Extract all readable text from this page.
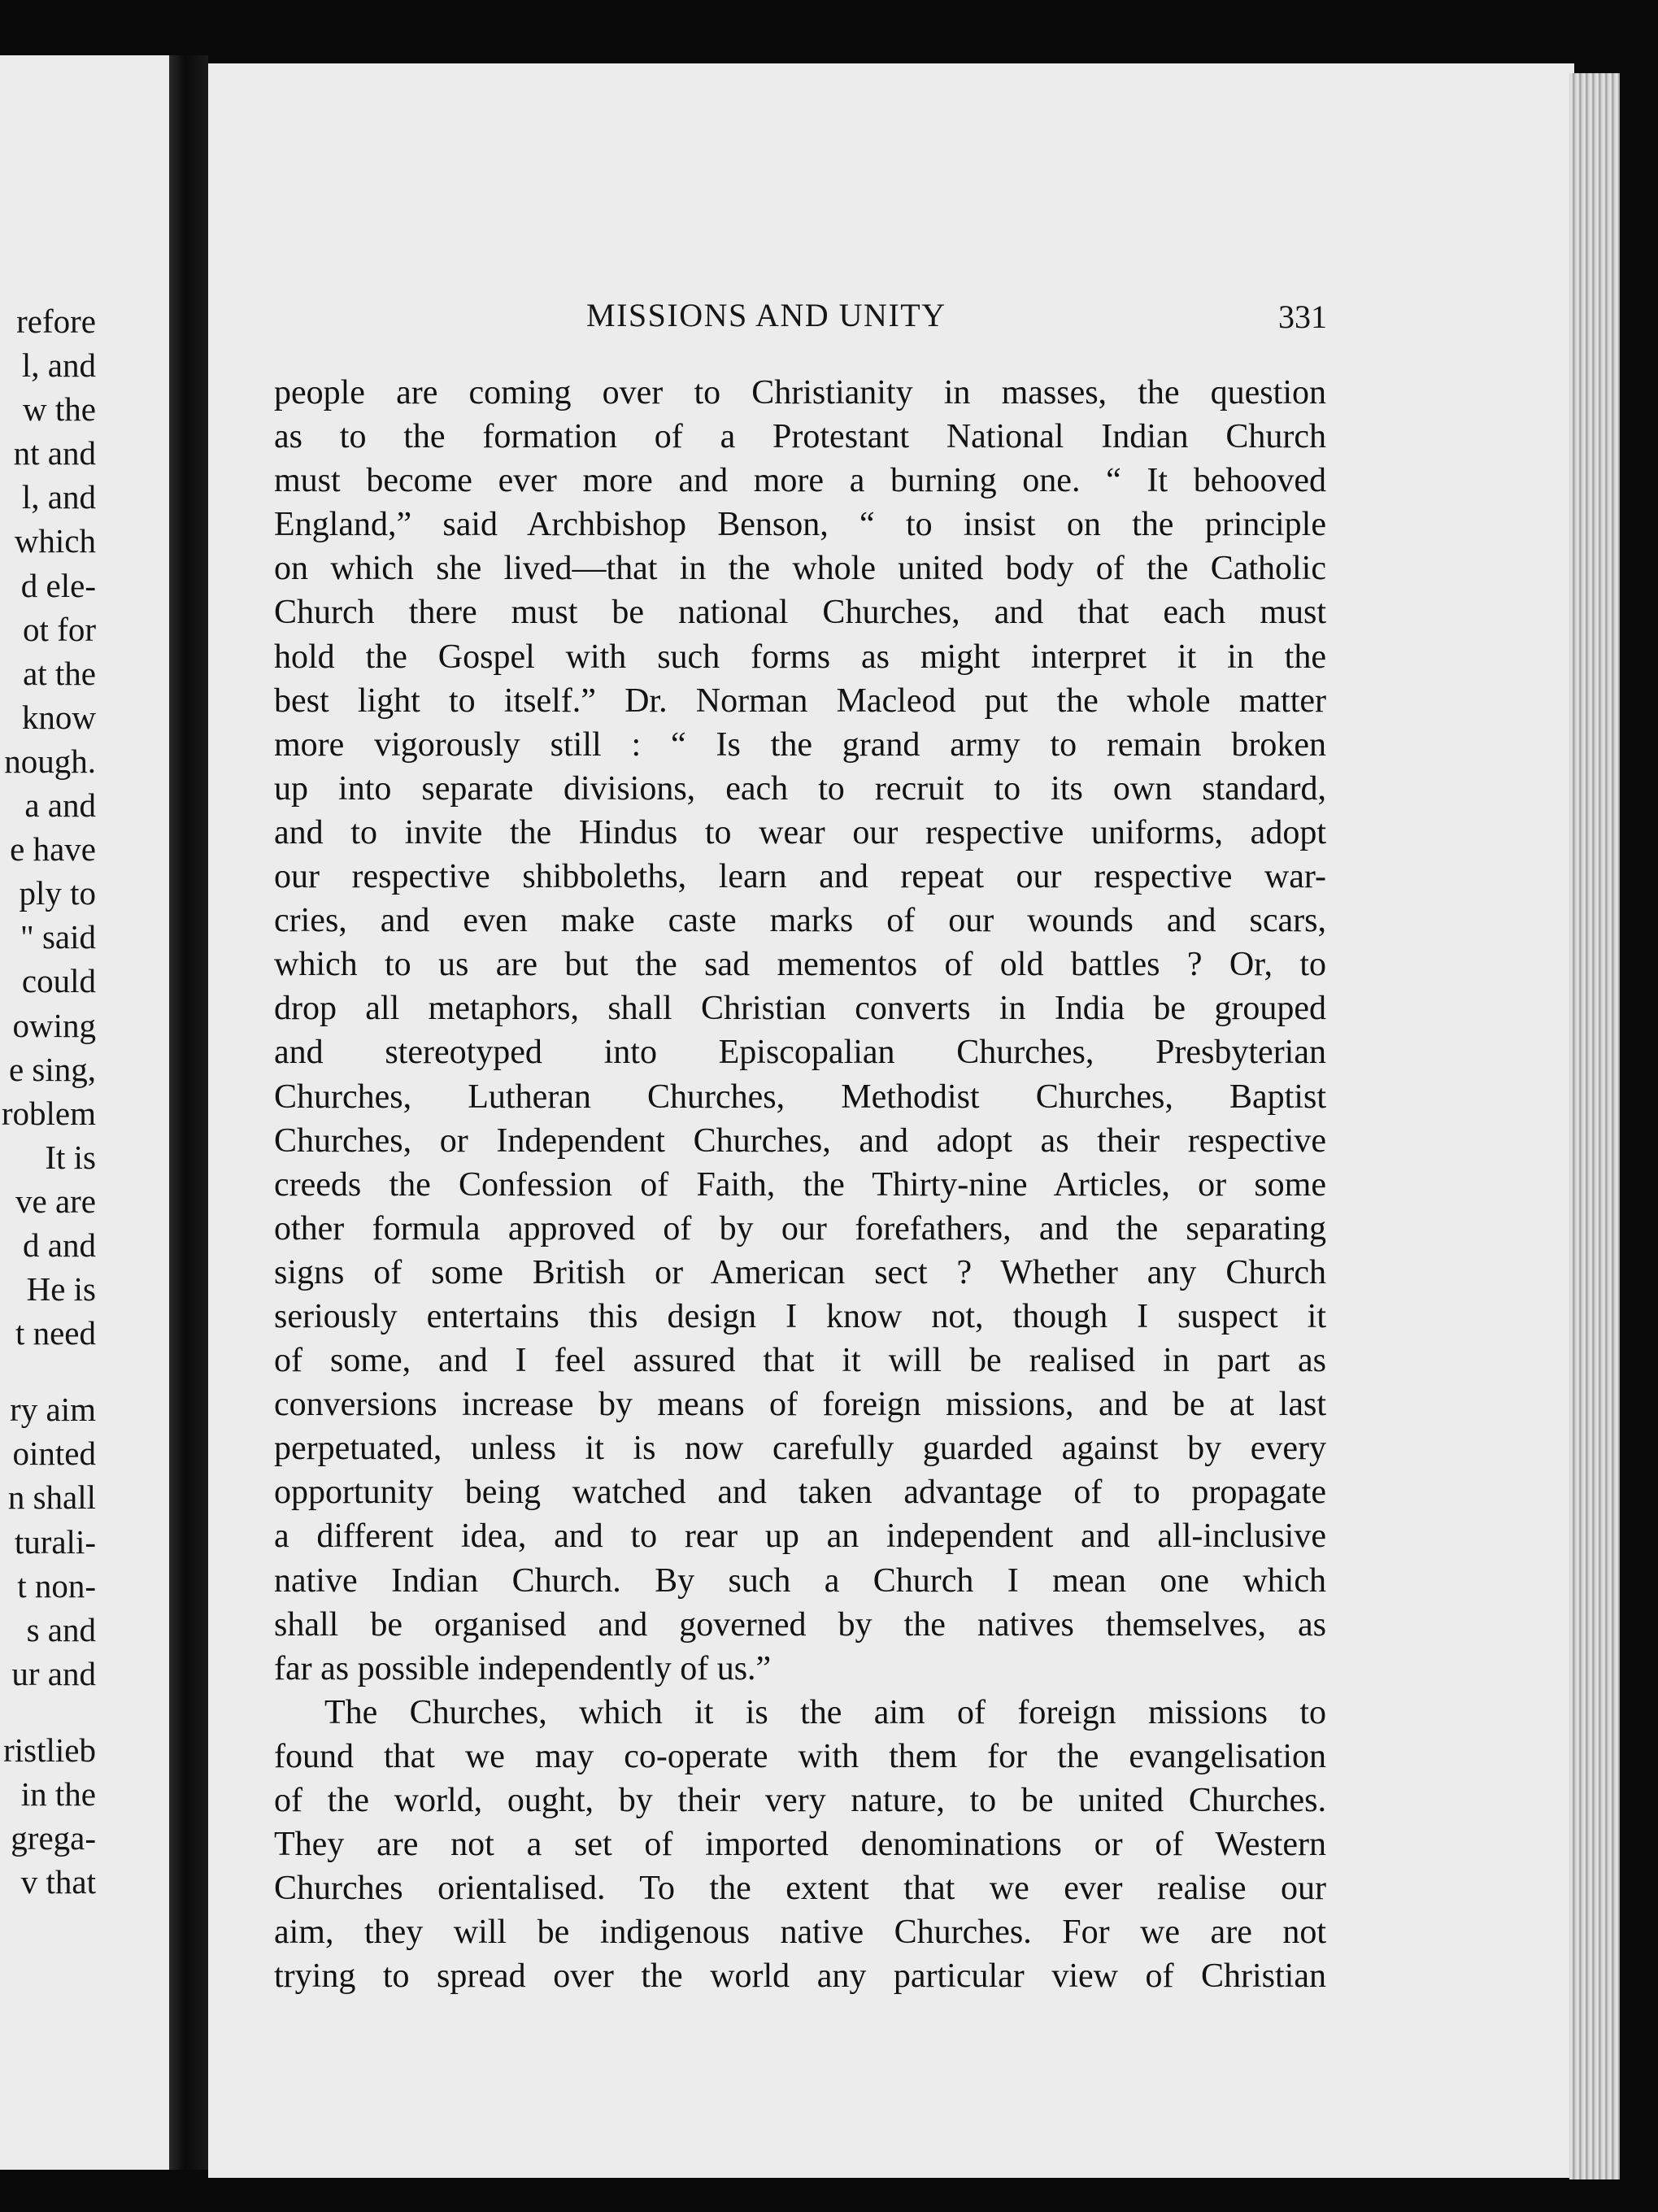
refore
l, and
w the
nt and
l, and
which
d ele-
ot for
at the
know
nough.
a and
e have
ply to
" said
could
owing
e sing,
roblem
It is
ve are
d and
He is
t need
ry aim
ointed
n shall
turali-
t non-
s and
ur and
ristlieb
in the
grega-
v that
MISSIONS AND UNITY	331
people are coming over to Christianity in masses, the question
as to the formation of a Protestant National Indian Church
must become ever more and more a burning one. “ It behooved
England,” said Archbishop Benson, “ to insist on the principle
on which she lived—that in the whole united body of the Catholic
Church there must be national Churches, and that each must
hold the Gospel with such forms as might interpret it in the
best light to itself.” Dr. Norman Macleod put the whole matter
more vigorously still : “ Is the grand army to remain broken
up into separate divisions, each to recruit to its own standard,
and to invite the Hindus to wear our respective uniforms, adopt
our respective shibboleths, learn and repeat our respective war-
cries, and even make caste marks of our wounds and scars,
which to us are but the sad mementos of old battles ? Or, to
drop all metaphors, shall Christian converts in India be grouped
and stereotyped into Episcopalian Churches, Presbyterian
Churches, Lutheran Churches, Methodist Churches, Baptist
Churches, or Independent Churches, and adopt as their respective
creeds the Confession of Faith, the Thirty-nine Articles, or some
other formula approved of by our forefathers, and the separating
signs of some British or American sect ? Whether any Church
seriously entertains this design I know not, though I suspect it
of some, and I feel assured that it will be realised in part as
conversions increase by means of foreign missions, and be at last
perpetuated, unless it is now carefully guarded against by every
opportunity being watched and taken advantage of to propagate
a different idea, and to rear up an independent and all-inclusive
native Indian Church. By such a Church I mean one which
shall be organised and governed by the natives themselves, as
far as possible independently of us.”
The Churches, which it is the aim of foreign missions to
found that we may co-operate with them for the evangelisation
of the world, ought, by their very nature, to be united Churches.
They are not a set of imported denominations or of Western
Churches orientalised. To the extent that we ever realise our
aim, they will be indigenous native Churches. For we are not
trying to spread over the world any particular view of Christian
